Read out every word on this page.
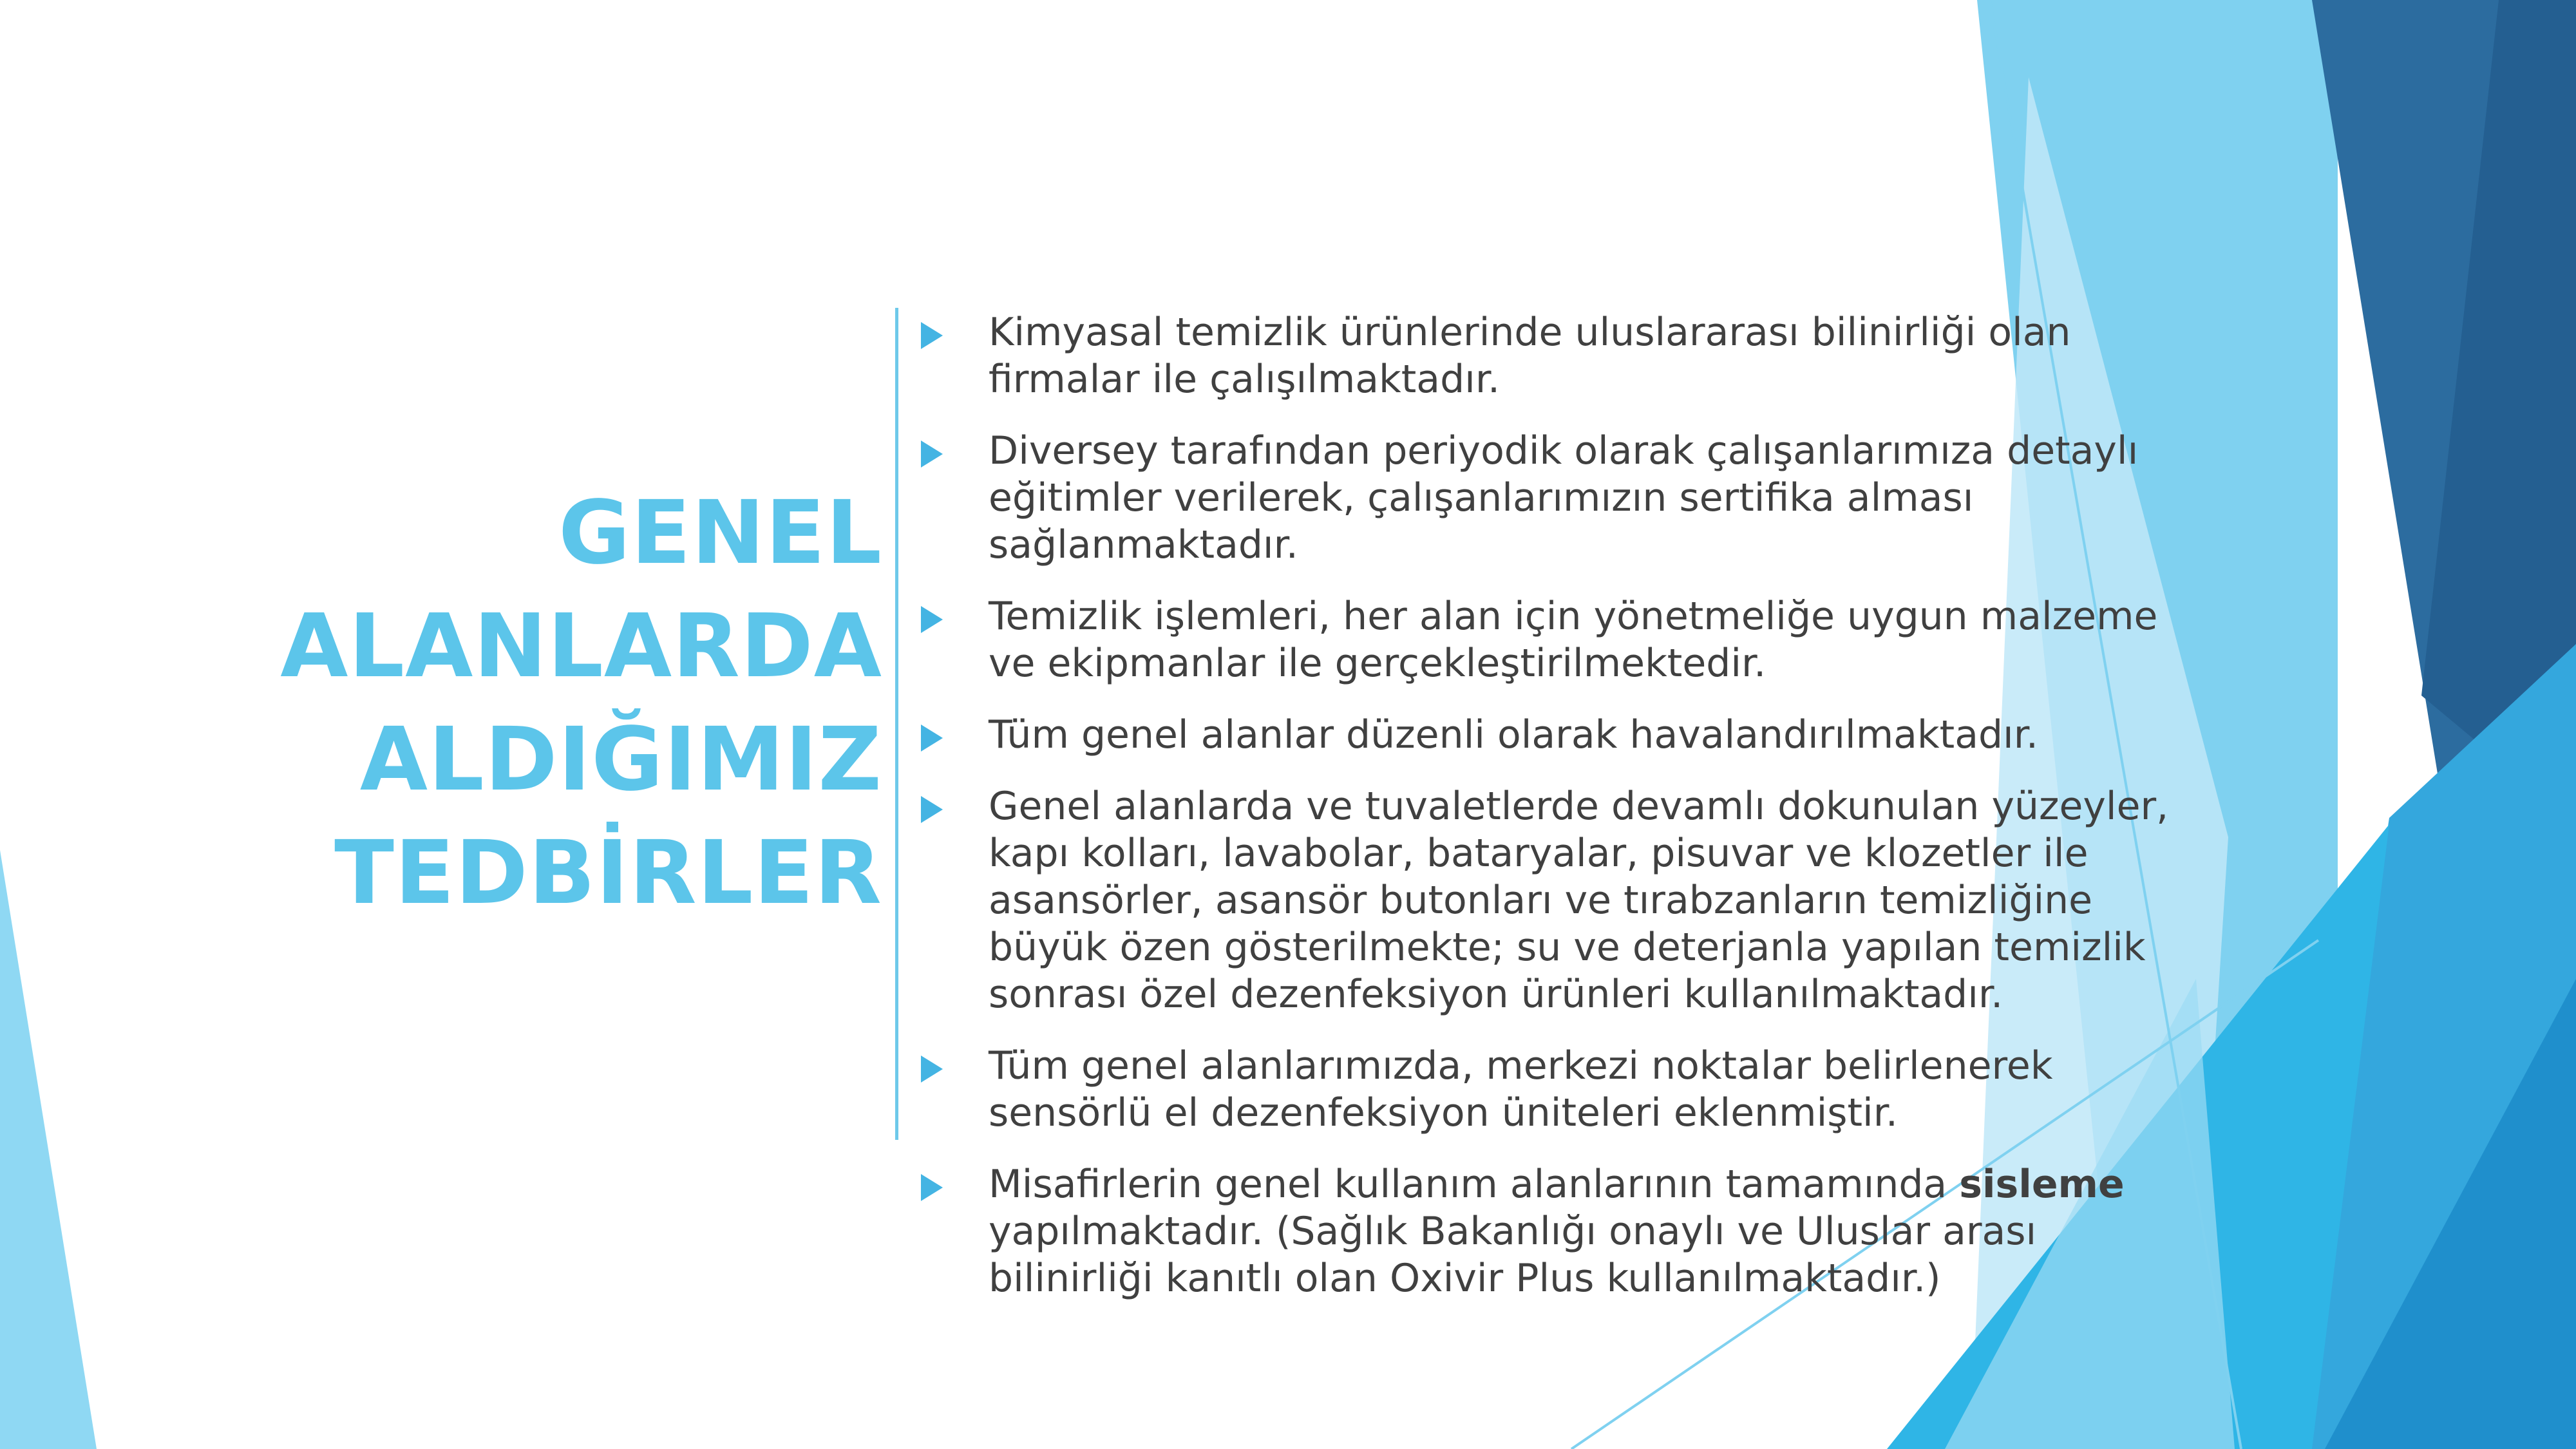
GENEL
ALANLARDA
ALDIĞIMIZ
TEDBİRLER
Kimyasal temizlik ürünlerinde uluslararası bilinirliği olan firmalar ile çalışılmaktadır.
Diversey tarafından periyodik olarak çalışanlarımıza detaylı eğitimler verilerek, çalışanlarımızın sertifika alması sağlanmaktadır.
Temizlik işlemleri, her alan için yönetmeliğe uygun malzeme ve ekipmanlar ile gerçekleştirilmektedir.
Tüm genel alanlar düzenli olarak havalandırılmaktadır.
Genel alanlarda ve tuvaletlerde devamlı dokunulan yüzeyler, kapı kolları, lavabolar, bataryalar, pisuvar ve klozetler ile asansörler, asansör butonları ve tırabzanların temizliğine büyük özen gösterilmekte; su ve deterjanla yapılan temizlik sonrası özel dezenfeksiyon ürünleri kullanılmaktadır.
Tüm genel alanlarımızda, merkezi noktalar belirlenerek sensörlü el dezenfeksiyon üniteleri eklenmiştir.
Misafirlerin genel kullanım alanlarının tamamında sisleme yapılmaktadır. (Sağlık Bakanlığı onaylı ve Uluslar arası bilinirliği kanıtlı olan Oxivir Plus kullanılmaktadır.)
